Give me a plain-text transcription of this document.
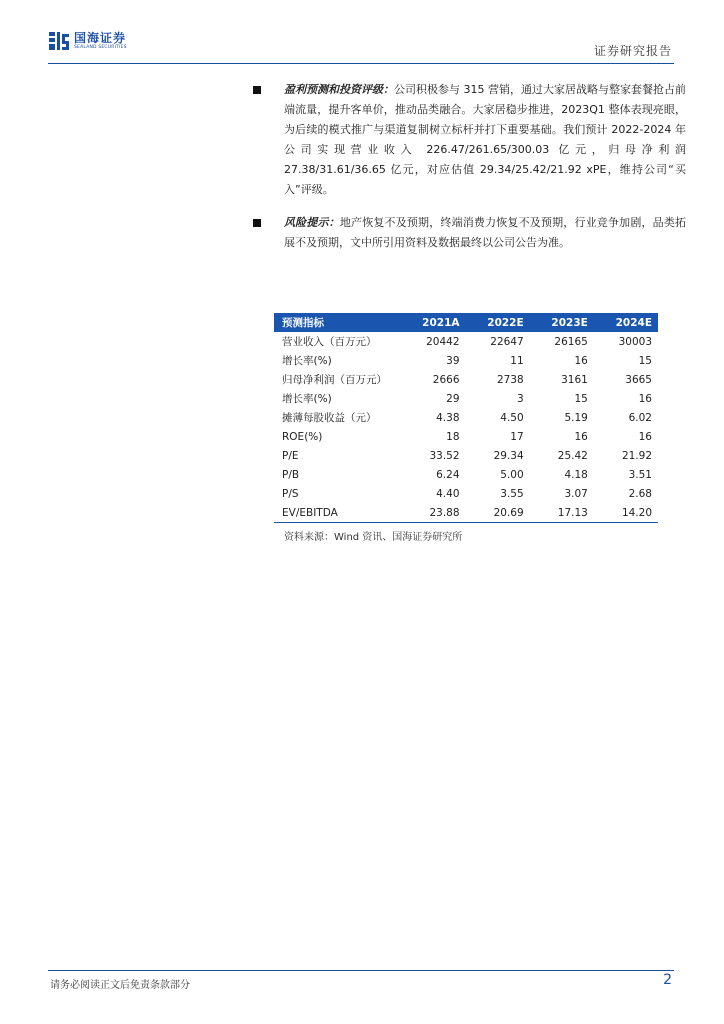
国海证券
SEALAND SECURITIES	证券研究报告
盈利预测和投资评级：公司积极参与 315 营销，通过大家居战略与整家套餐抢占前端流量，提升客单价，推动品类融合。大家居稳步推进，2023Q1 整体表现亮眼，为后续的模式推广与渠道复制树立标杆并打下重要基础。我们预计 2022-2024 年公司实现营业收入 226.47/261.65/300.03 亿元，归母净利润 27.38/31.61/36.65 亿元，对应估值 29.34/25.42/21.92 xPE，维持公司“买入”评级。
风险提示：地产恢复不及预期，终端消费力恢复不及预期，行业竞争加剧，品类拓展不及预期，文中所引用资料及数据最终以公司公告为准。
预测指标	2021A	2022E	2023E	2024E
营业收入（百万元）	20442	22647	26165	30003
增长率(%)	39	11	16	15
归母净利润（百万元）	2666	2738	3161	3665
增长率(%)	29	3	15	16
摊薄每股收益（元）	4.38	4.50	5.19	6.02
ROE(%)	18	17	16	16
P/E	33.52	29.34	25.42	21.92
P/B	6.24	5.00	4.18	3.51
P/S	4.40	3.55	3.07	2.68
EV/EBITDA	23.88	20.69	17.13	14.20
资料来源：Wind 资讯、国海证券研究所
请务必阅读正文后免责条款部分	2
